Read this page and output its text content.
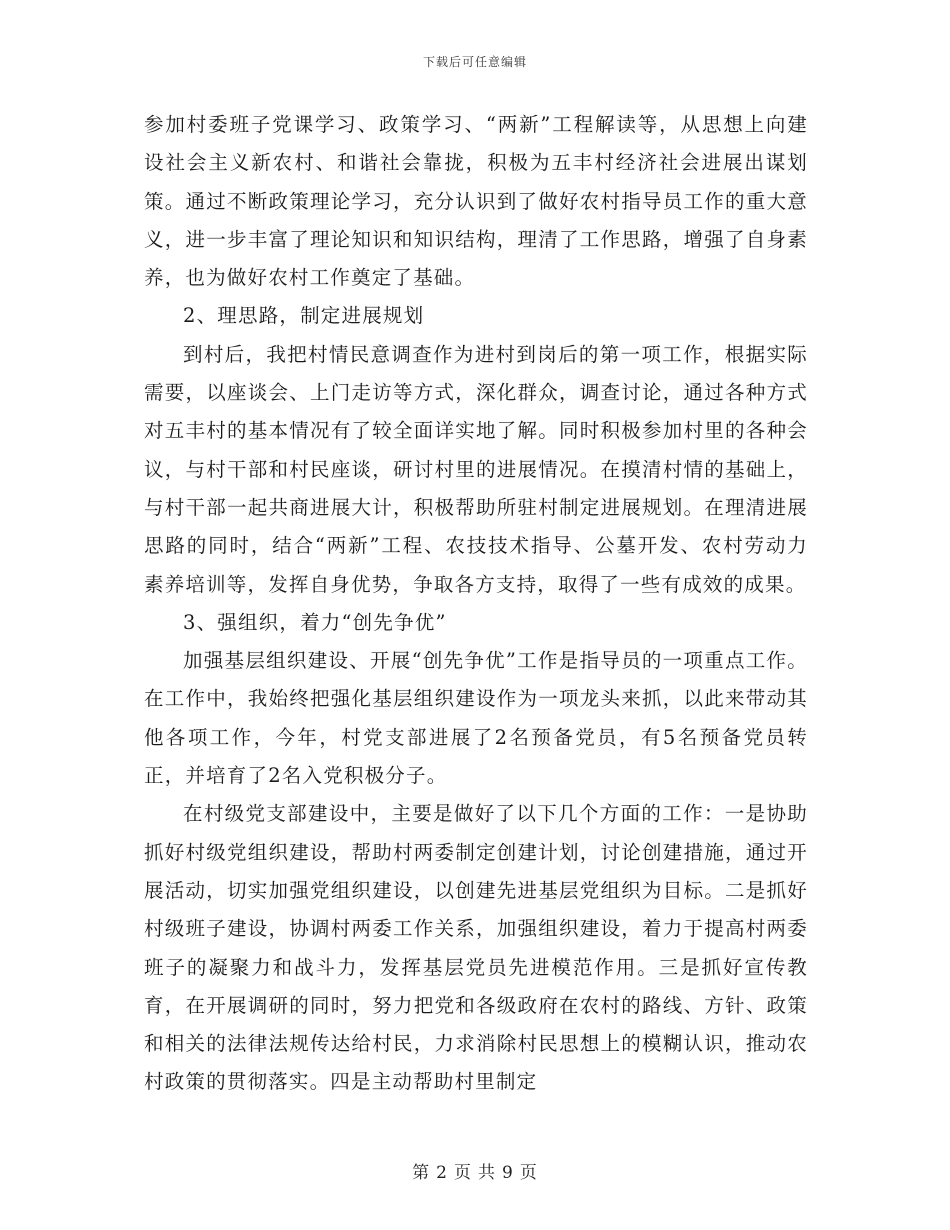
下载后可任意编辑

参加村委班子党课学习、政策学习、“两新”工程解读等，从思想上向建设社会主义新农村、和谐社会靠拢，积极为五丰村经济社会进展出谋划策。通过不断政策理论学习，充分认识到了做好农村指导员工作的重大意义，进一步丰富了理论知识和知识结构，理清了工作思路，增强了自身素养，也为做好农村工作奠定了基础。

2、理思路，制定进展规划

到村后，我把村情民意调查作为进村到岗后的第一项工作，根据实际需要，以座谈会、上门走访等方式，深化群众，调查讨论，通过各种方式对五丰村的基本情况有了较全面详实地了解。同时积极参加村里的各种会议，与村干部和村民座谈，研讨村里的进展情况。在摸清村情的基础上，与村干部一起共商进展大计，积极帮助所驻村制定进展规划。在理清进展思路的同时，结合“两新”工程、农技技术指导、公墓开发、农村劳动力素养培训等，发挥自身优势，争取各方支持，取得了一些有成效的成果。

3、强组织，着力“创先争优”

加强基层组织建设、开展“创先争优”工作是指导员的一项重点工作。在工作中，我始终把强化基层组织建设作为一项龙头来抓，以此来带动其他各项工作，今年，村党支部进展了2名预备党员，有5名预备党员转正，并培育了2名入党积极分子。

在村级党支部建设中，主要是做好了以下几个方面的工作：一是协助抓好村级党组织建设，帮助村两委制定创建计划，讨论创建措施，通过开展活动，切实加强党组织建设，以创建先进基层党组织为目标。二是抓好村级班子建设，协调村两委工作关系，加强组织建设，着力于提高村两委班子的凝聚力和战斗力，发挥基层党员先进模范作用。三是抓好宣传教育，在开展调研的同时，努力把党和各级政府在农村的路线、方针、政策和相关的法律法规传达给村民，力求消除村民思想上的模糊认识，推动农村政策的贯彻落实。四是主动帮助村里制定

第 2 页 共 9 页
